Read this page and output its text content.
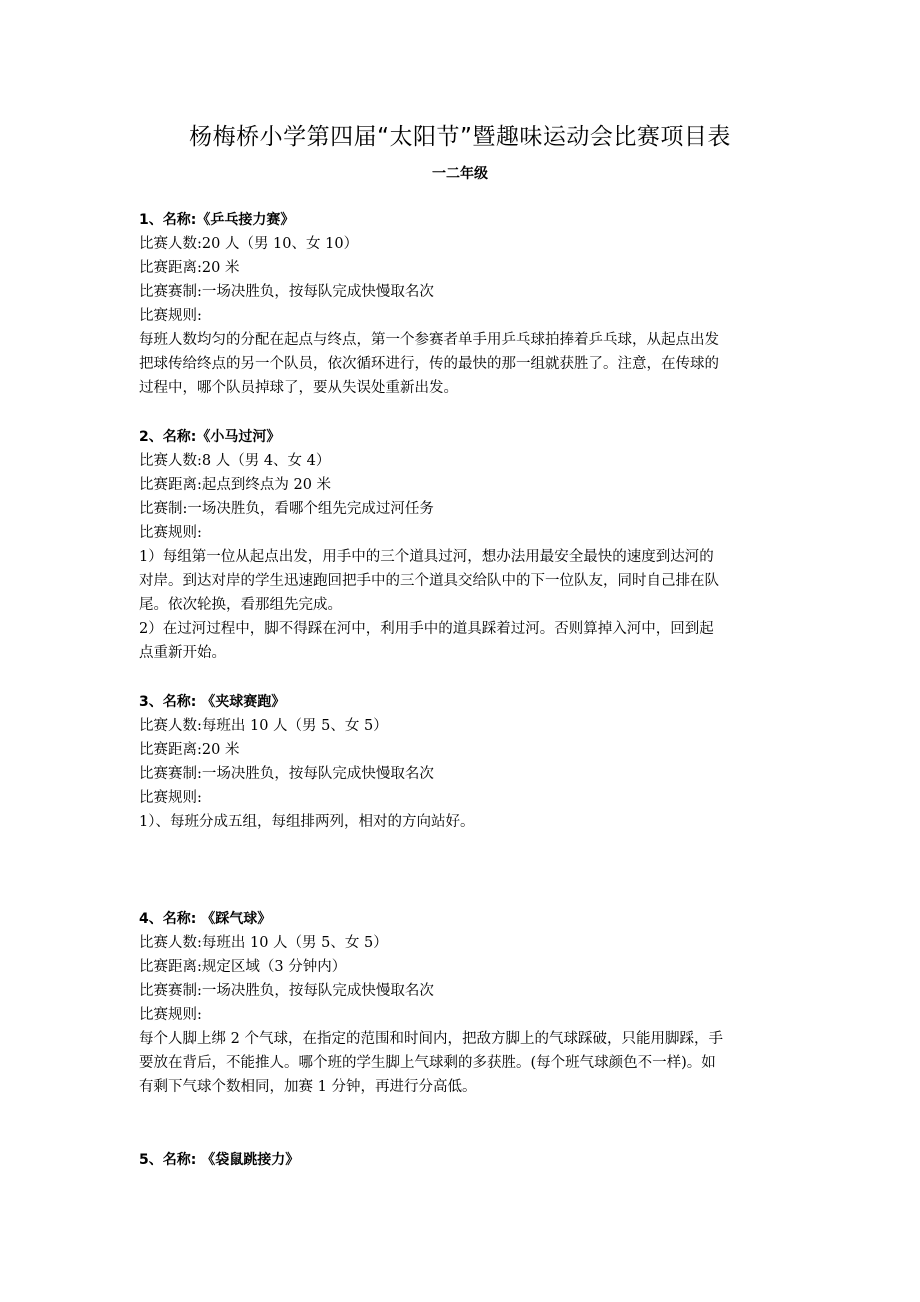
杨梅桥小学第四届“太阳节”暨趣味运动会比赛项目表
一二年级
1、名称:《乒乓接力赛》
比赛人数:20 人（男 10、女 10）
比赛距离:20 米
比赛赛制:一场决胜负，按每队完成快慢取名次
比赛规则:
每班人数均匀的分配在起点与终点，第一个参赛者单手用乒乓球拍捧着乒乓球，从起点出发
把球传给终点的另一个队员，依次循环进行，传的最快的那一组就获胜了。注意，在传球的
过程中，哪个队员掉球了，要从失误处重新出发。
2、名称:《小马过河》
比赛人数:8 人（男 4、女 4）
比赛距离:起点到终点为 20 米
比赛制:一场决胜负，看哪个组先完成过河任务
比赛规则:
1）每组第一位从起点出发，用手中的三个道具过河，想办法用最安全最快的速度到达河的
对岸。到达对岸的学生迅速跑回把手中的三个道具交给队中的下一位队友，同时自己排在队
尾。依次轮换，看那组先完成。
2）在过河过程中，脚不得踩在河中，利用手中的道具踩着过河。否则算掉入河中，回到起
点重新开始。
3、名称: 《夹球赛跑》
比赛人数:每班出 10 人（男 5、女 5）
比赛距离:20 米
比赛赛制:一场决胜负，按每队完成快慢取名次
比赛规则:
1）、每班分成五组，每组排两列，相对的方向站好。
4、名称: 《踩气球》
比赛人数:每班出 10 人（男 5、女 5）
比赛距离:规定区域（3 分钟内）
比赛赛制:一场决胜负，按每队完成快慢取名次
比赛规则:
每个人脚上绑 2 个气球，在指定的范围和时间内，把敌方脚上的气球踩破，只能用脚踩，手
要放在背后，不能推人。哪个班的学生脚上气球剩的多获胜。(每个班气球颜色不一样)。如
有剩下气球个数相同，加赛 1 分钟，再进行分高低。
5、名称: 《袋鼠跳接力》
